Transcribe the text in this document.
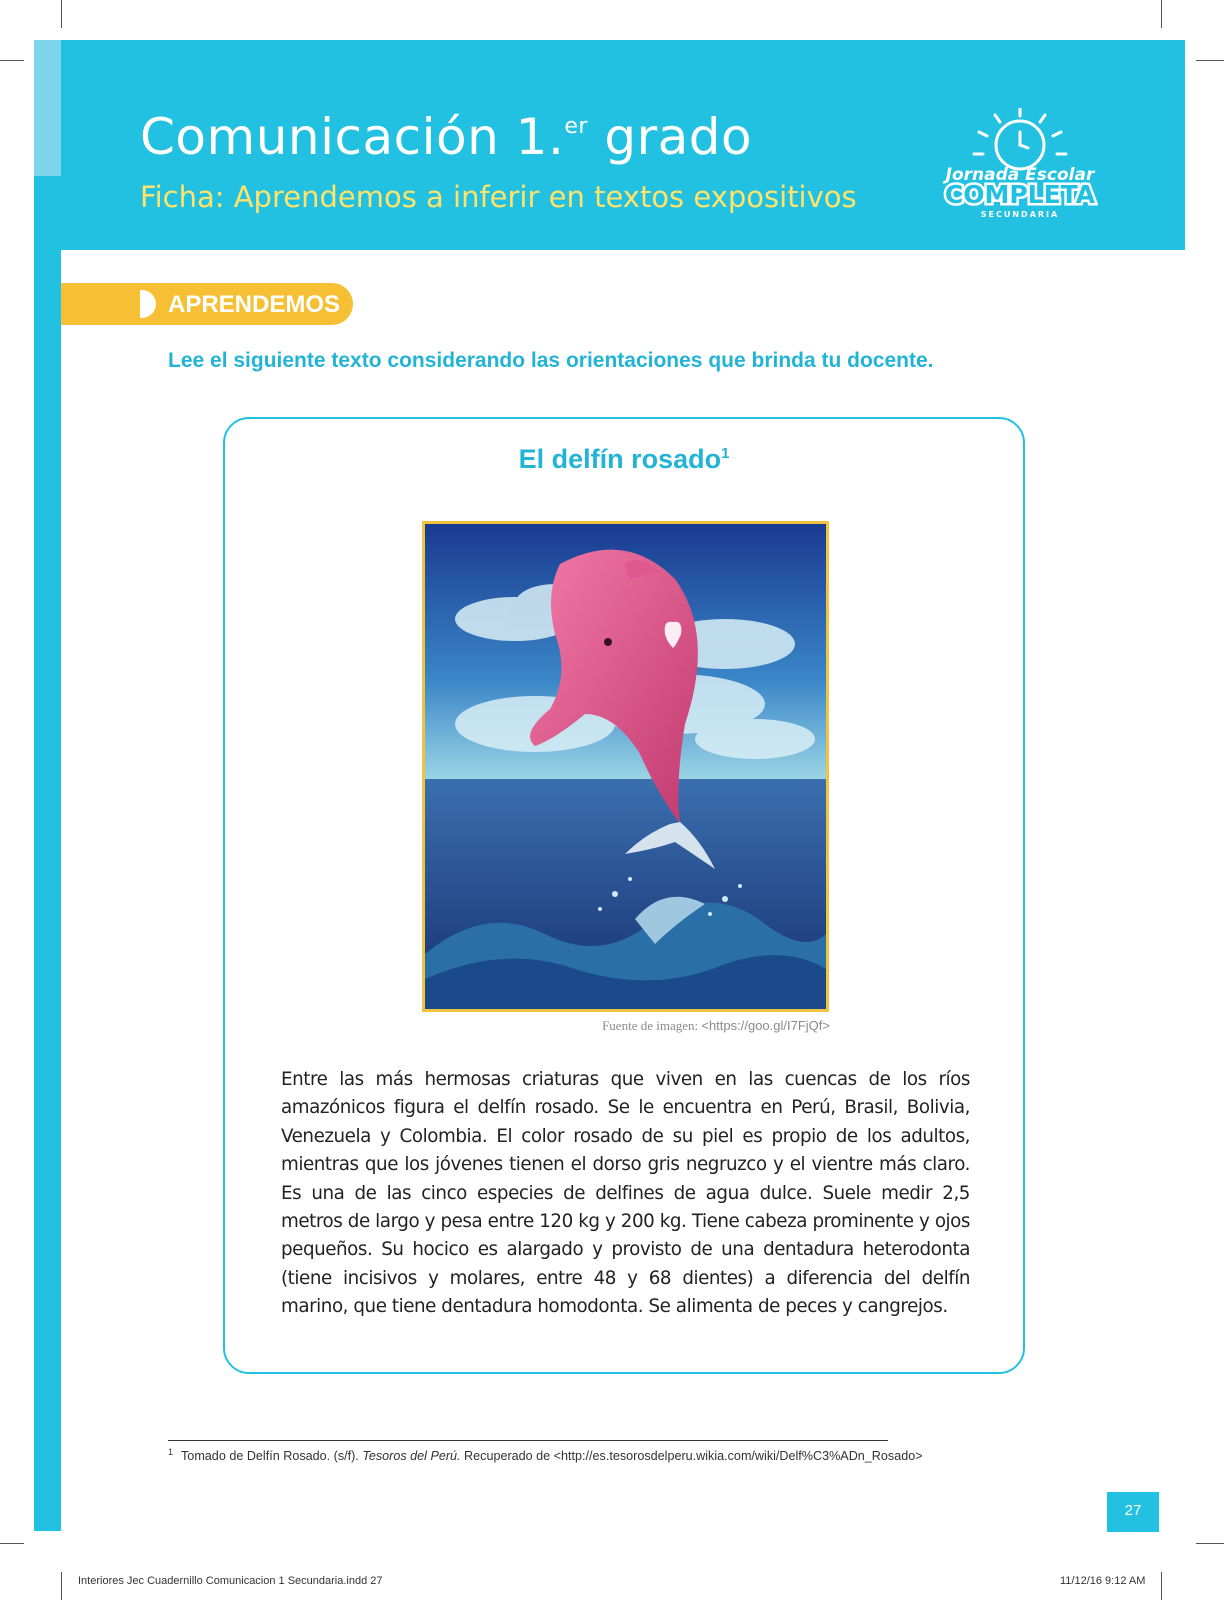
Comunicación 1.$^{er}$ grado
Ficha: Aprendemos a inferir en textos expositivos
Jornada Escolar
COMPLETA
SECUNDARIA
APRENDEMOS
Lee el siguiente texto considerando las orientaciones que brinda tu docente.
El delfín rosado$^1$
Fuente de imagen: <https://goo.gl/I7FjQf>
Entre las más hermosas criaturas que viven en las cuencas de los ríos amazónicos figura el delfín rosado. Se le encuentra en Perú, Brasil, Bolivia, Venezuela y Colombia. El color rosado de su piel es propio de los adultos, mientras que los jóvenes tienen el dorso gris negruzco y el vientre más claro. Es una de las cinco especies de delfines de agua dulce. Suele medir 2,5 metros de largo y pesa entre 120 kg y 200 kg. Tiene cabeza prominente y ojos pequeños. Su hocico es alargado y provisto de una dentadura heterodonta (tiene incisivos y molares, entre 48 y 68 dientes) a diferencia del delfín marino, que tiene dentadura homodonta. Se alimenta de peces y cangrejos.
$^1$ Tomado de Delfín Rosado. (s/f). Tesoros del Perú. Recuperado de <http://es.tesorosdelperu.wikia.com/wiki/Delf%C3%ADn_Rosado>
27
Interiores Jec Cuadernillo Comunicacion 1 Secundaria.indd 27	11/12/16 9:12 AM
